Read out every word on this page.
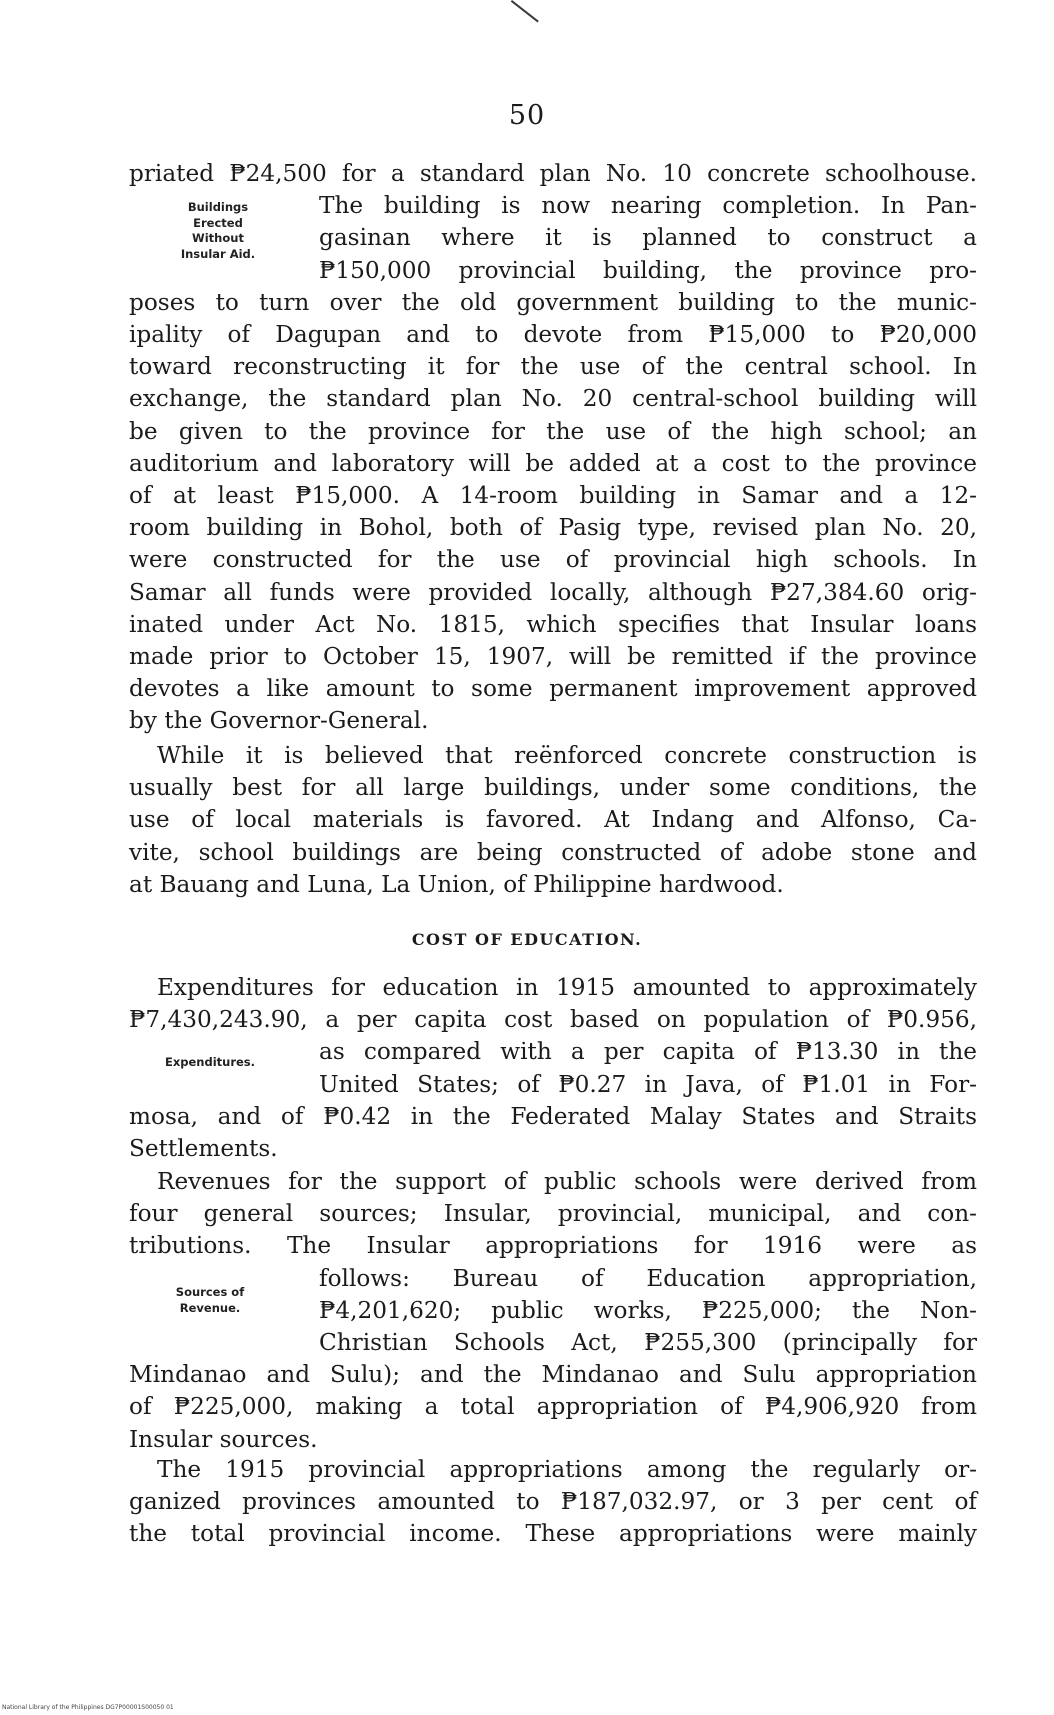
50
priated ₱24,500 for a standard plan No. 10 concrete schoolhouse.
The building is now nearing completion. In Pan-
gasinan where it is planned to construct a
₱150,000 provincial building, the province pro-
poses to turn over the old government building to the munic-
ipality of Dagupan and to devote from ₱15,000 to ₱20,000
toward reconstructing it for the use of the central school. In
exchange, the standard plan No. 20 central-school building will
be given to the province for the use of the high school; an
auditorium and laboratory will be added at a cost to the province
of at least ₱15,000. A 14-room building in Samar and a 12-
room building in Bohol, both of Pasig type, revised plan No. 20,
were constructed for the use of provincial high schools. In
Samar all funds were provided locally, although ₱27,384.60 orig-
inated under Act No. 1815, which specifies that Insular loans
made prior to October 15, 1907, will be remitted if the province
devotes a like amount to some permanent improvement approved
by the Governor-General.
Buildings
Erected
Without
Insular Aid.
While it is believed that reënforced concrete construction is
usually best for all large buildings, under some conditions, the
use of local materials is favored. At Indang and Alfonso, Ca-
vite, school buildings are being constructed of adobe stone and
at Bauang and Luna, La Union, of Philippine hardwood.
COST OF EDUCATION.
Expenditures for education in 1915 amounted to approximately
₱7,430,243.90, a per capita cost based on population of ₱0.956,
as compared with a per capita of ₱13.30 in the
United States; of ₱0.27 in Java, of ₱1.01 in For-
mosa, and of ₱0.42 in the Federated Malay States and Straits
Settlements.
Expenditures.
Revenues for the support of public schools were derived from
four general sources; Insular, provincial, municipal, and con-
tributions. The Insular appropriations for 1916 were as
follows: Bureau of Education appropriation,
₱4,201,620; public works, ₱225,000; the Non-
Christian Schools Act, ₱255,300 (principally for
Mindanao and Sulu); and the Mindanao and Sulu appropriation
of ₱225,000, making a total appropriation of ₱4,906,920 from
Insular sources.
Sources of
Revenue.
The 1915 provincial appropriations among the regularly or-
ganized provinces amounted to ₱187,032.97, or 3 per cent of
the total provincial income. These appropriations were mainly
National Library of the Philippines DG7P00001S00050 01
